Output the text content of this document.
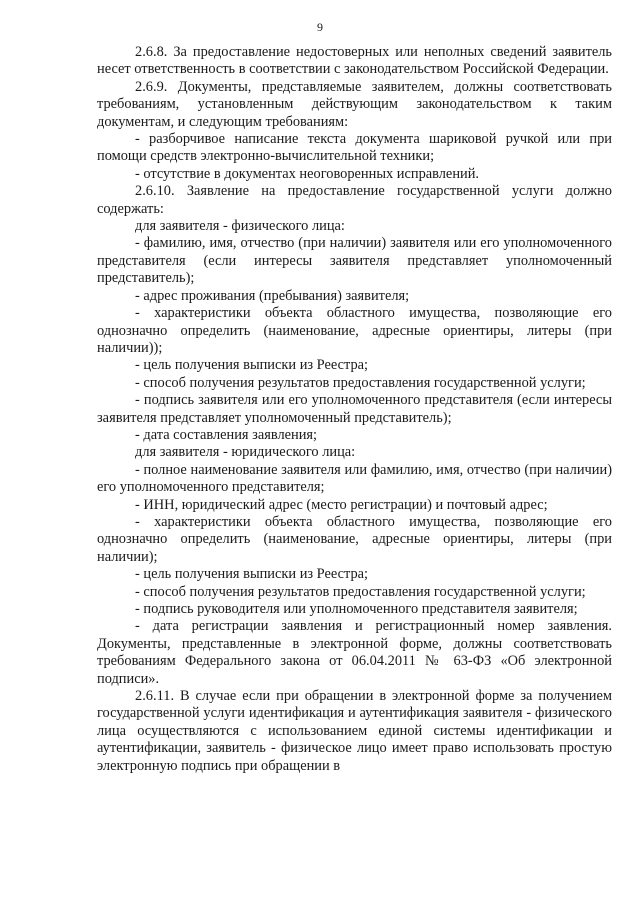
9

2.6.8. За предоставление недостоверных или неполных сведений заявитель несет ответственность в соответствии с законодательством Российской Федерации.

2.6.9. Документы, представляемые заявителем, должны соответствовать требованиям, установленным действующим законодательством к таким документам, и следующим требованиям:

- разборчивое написание текста документа шариковой ручкой или при помощи средств электронно-вычислительной техники;

- отсутствие в документах неоговоренных исправлений.

2.6.10. Заявление на предоставление государственной услуги должно содержать:

для заявителя - физического лица:

- фамилию, имя, отчество (при наличии) заявителя или его уполномоченного представителя (если интересы заявителя представляет уполномоченный представитель);

- адрес проживания (пребывания) заявителя;

- характеристики объекта областного имущества, позволяющие его однозначно определить (наименование, адресные ориентиры, литеры (при наличии));

- цель получения выписки из Реестра;

- способ получения результатов предоставления государственной услуги;

- подпись заявителя или его уполномоченного представителя (если интересы заявителя представляет уполномоченный представитель);

- дата составления заявления;

для заявителя - юридического лица:

- полное наименование заявителя или фамилию, имя, отчество (при наличии) его уполномоченного представителя;

- ИНН, юридический адрес (место регистрации) и почтовый адрес;

- характеристики объекта областного имущества, позволяющие его однозначно определить (наименование, адресные ориентиры, литеры (при наличии);

- цель получения выписки из Реестра;

- способ получения результатов предоставления государственной услуги;

- подпись руководителя или уполномоченного представителя заявителя;

- дата регистрации заявления и регистрационный номер заявления. Документы, представленные в электронной форме, должны соответствовать требованиям Федерального закона от 06.04.2011 № 63-ФЗ «Об электронной подписи».

2.6.11. В случае если при обращении в электронной форме за получением государственной услуги идентификация и аутентификация заявителя - физического лица осуществляются с использованием единой системы идентификации и аутентификации, заявитель - физическое лицо имеет право использовать простую электронную подпись при обращении в
